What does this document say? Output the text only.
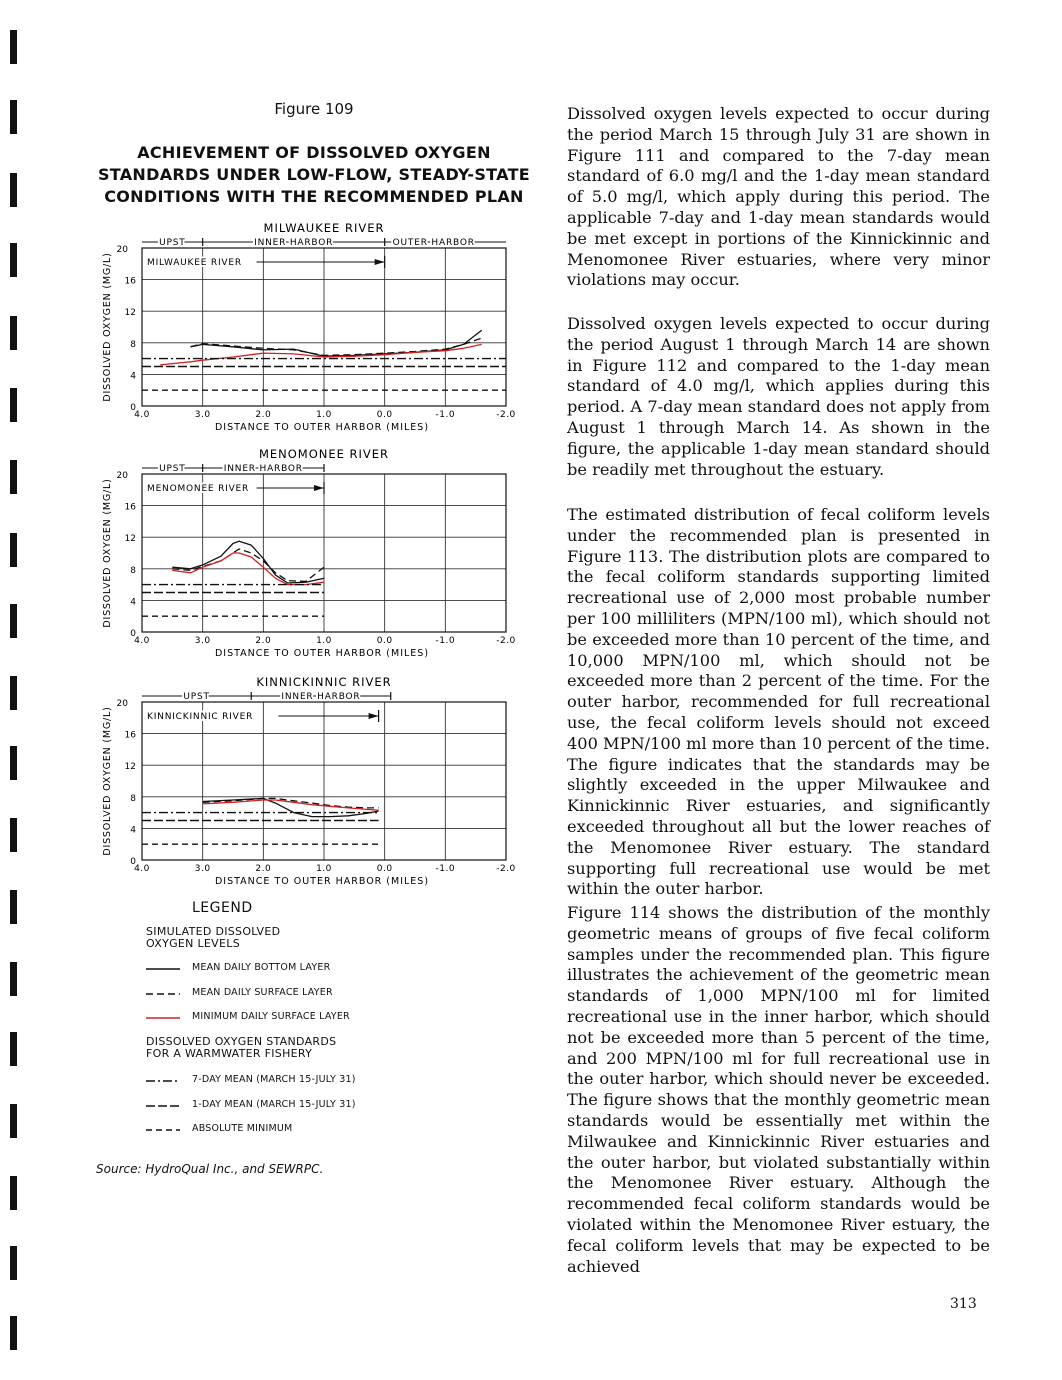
Figure 109
ACHIEVEMENT OF DISSOLVED OXYGEN
STANDARDS UNDER LOW-FLOW, STEADY-STATE
CONDITIONS WITH THE RECOMMENDED PLAN
MILWAUKEE RIVER
0
4
8
12
16
20
4.0	3.0	2.0	1.0	0.0	-1.0	-2.0
DISTANCE TO OUTER HARBOR (MILES)
DISSOLVED OXYGEN (MG/L)
UPST	INNER HARBOR	OUTER HARBOR
MILWAUKEE RIVER
MENOMONEE RIVER
0
4
8
12
16
20
4.0	3.0	2.0	1.0	0.0	-1.0	-2.0
DISTANCE TO OUTER HARBOR (MILES)
DISSOLVED OXYGEN (MG/L)
UPST	INNER HARBOR
MENOMONEE RIVER
KINNICKINNIC RIVER
0
4
8
12
16
20
4.0	3.0	2.0	1.0	0.0	-1.0	-2.0
DISTANCE TO OUTER HARBOR (MILES)
DISSOLVED OXYGEN (MG/L)
UPST	INNER HARBOR
KINNICKINNIC RIVER
LEGEND
SIMULATED DISSOLVED
OXYGEN LEVELS
MEAN DAILY BOTTOM LAYER
MEAN DAILY SURFACE LAYER
MINIMUM DAILY SURFACE LAYER
DISSOLVED OXYGEN STANDARDS
FOR A WARMWATER FISHERY
7-DAY MEAN (MARCH 15-JULY 31)
1-DAY MEAN (MARCH 15-JULY 31)
ABSOLUTE MINIMUM
Source: HydroQual Inc., and SEWRPC.

Dissolved oxygen levels expected to occur during the period March 15 through July 31 are shown in Figure 111 and compared to the 7-day mean standard of 6.0 mg/l and the 1-day mean standard of 5.0 mg/l, which apply during this period. The applicable 7-day and 1-day mean standards would be met except in portions of the Kinnickinnic and Menomonee River estuaries, where very minor violations may occur.

Dissolved oxygen levels expected to occur during the period August 1 through March 14 are shown in Figure 112 and compared to the 1-day mean standard of 4.0 mg/l, which applies during this period. A 7-day mean standard does not apply from August 1 through March 14. As shown in the figure, the applicable 1-day mean standard should be readily met throughout the estuary.

The estimated distribution of fecal coliform levels under the recommended plan is presented in Figure 113. The distribution plots are compared to the fecal coliform standards supporting limited recreational use of 2,000 most probable number per 100 milliliters (MPN/100 ml), which should not be exceeded more than 10 percent of the time, and 10,000 MPN/100 ml, which should not be exceeded more than 2 percent of the time. For the outer harbor, recommended for full recreational use, the fecal coliform levels should not exceed 400 MPN/100 ml more than 10 percent of the time. The figure indicates that the standards may be slightly exceeded in the upper Milwaukee and Kinnickinnic River estuaries, and significantly exceeded throughout all but the lower reaches of the Menomonee River estuary. The standard supporting full recreational use would be met within the outer harbor.

Figure 114 shows the distribution of the monthly geometric means of groups of five fecal coliform samples under the recommended plan. This figure illustrates the achievement of the geometric mean standards of 1,000 MPN/100 ml for limited recreational use in the inner harbor, which should not be exceeded more than 5 percent of the time, and 200 MPN/100 ml for full recreational use in the outer harbor, which should never be exceeded. The figure shows that the monthly geometric mean standards would be essentially met within the Milwaukee and Kinnickinnic River estuaries and the outer harbor, but violated substantially within the Menomonee River estuary. Although the recommended fecal coliform standards would be violated within the Menomonee River estuary, the fecal coliform levels that may be expected to be achieved

313
